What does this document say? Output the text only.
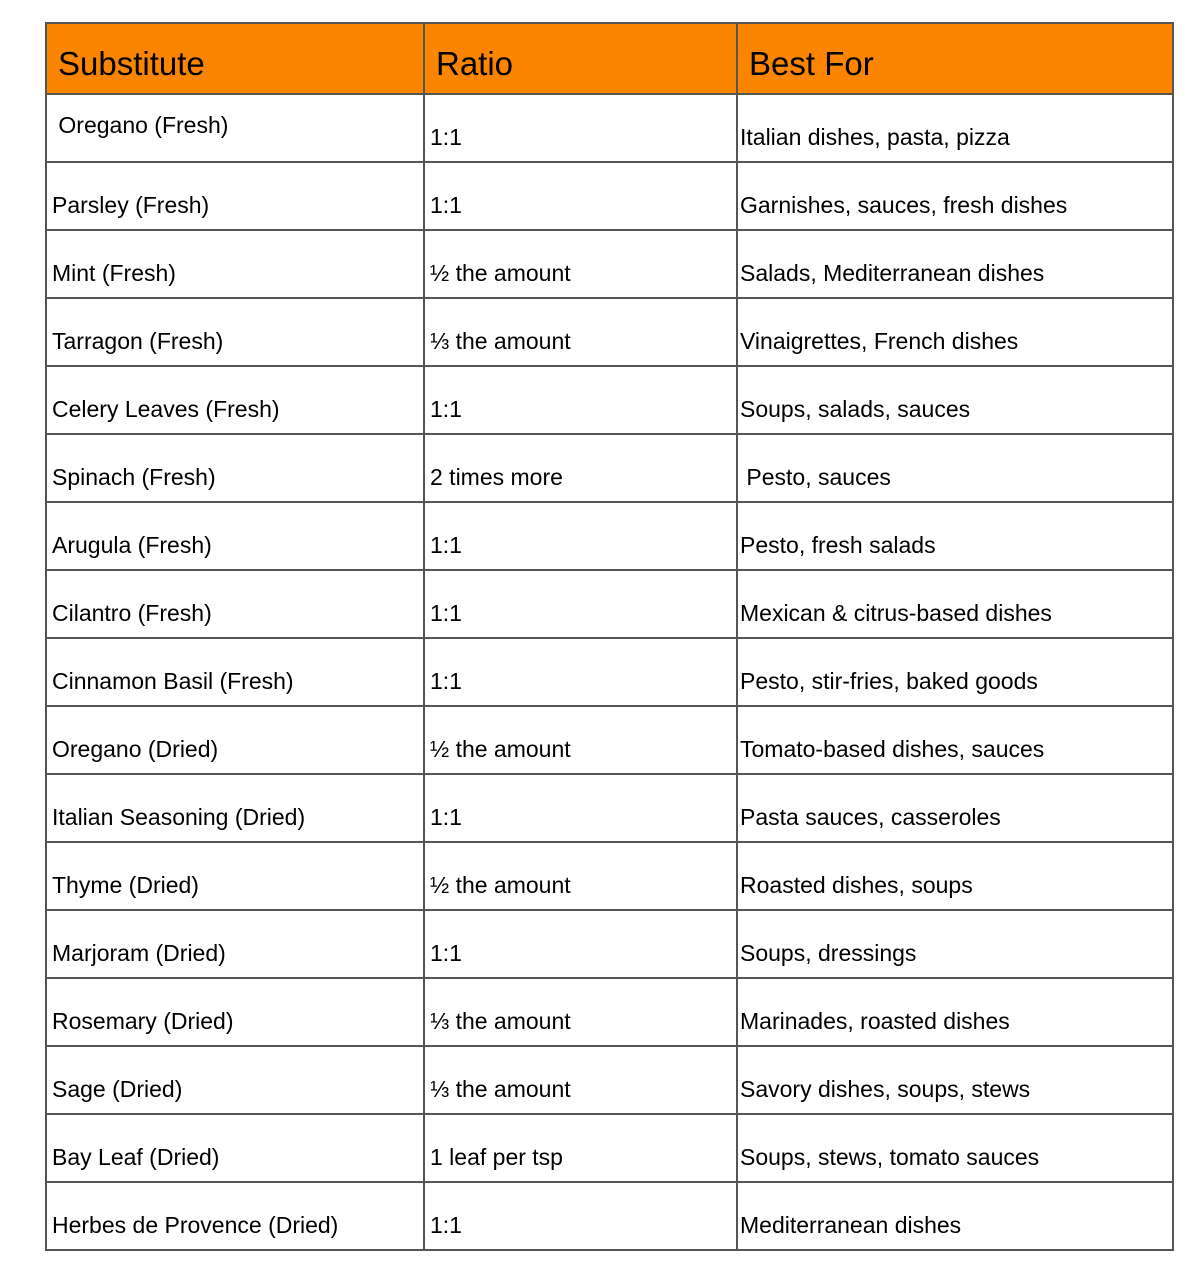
Substitute	Ratio	Best For
Oregano (Fresh)	1:1	Italian dishes, pasta, pizza
Parsley (Fresh)	1:1	Garnishes, sauces, fresh dishes
Mint (Fresh)	½ the amount	Salads, Mediterranean dishes
Tarragon (Fresh)	⅓ the amount	Vinaigrettes, French dishes
Celery Leaves (Fresh)	1:1	Soups, salads, sauces
Spinach (Fresh)	2 times more	Pesto, sauces
Arugula (Fresh)	1:1	Pesto, fresh salads
Cilantro (Fresh)	1:1	Mexican & citrus-based dishes
Cinnamon Basil (Fresh)	1:1	Pesto, stir-fries, baked goods
Oregano (Dried)	½ the amount	Tomato-based dishes, sauces
Italian Seasoning (Dried)	1:1	Pasta sauces, casseroles
Thyme (Dried)	½ the amount	Roasted dishes, soups
Marjoram (Dried)	1:1	Soups, dressings
Rosemary (Dried)	⅓ the amount	Marinades, roasted dishes
Sage (Dried)	⅓ the amount	Savory dishes, soups, stews
Bay Leaf (Dried)	1 leaf per tsp	Soups, stews, tomato sauces
Herbes de Provence (Dried)	1:1	Mediterranean dishes
